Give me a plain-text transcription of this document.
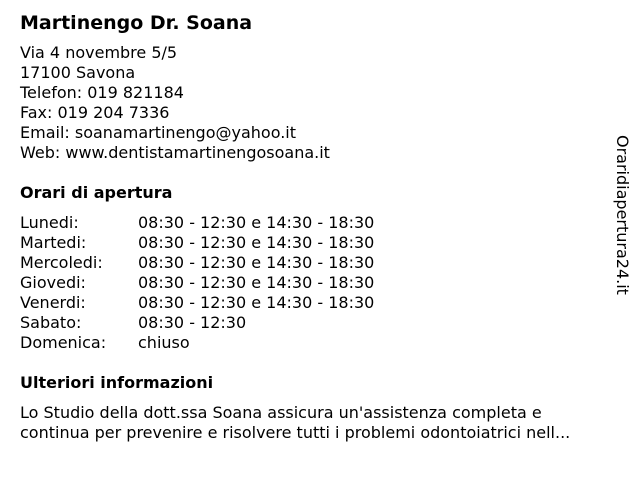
Martinengo Dr. Soana
Via 4 novembre 5/5
17100 Savona
Telefon: 019 821184
Fax: 019 204 7336
Email: soanamartinengo@yahoo.it
Web: www.dentistamartinengosoana.it
Orari di apertura
Lunedi:	08:30 - 12:30 e 14:30 - 18:30
Martedi:	08:30 - 12:30 e 14:30 - 18:30
Mercoledi: 08:30 - 12:30 e 14:30 - 18:30
Giovedi:	08:30 - 12:30 e 14:30 - 18:30
Venerdi:	08:30 - 12:30 e 14:30 - 18:30
Sabato:	08:30 - 12:30
Domenica: chiuso
Ulteriori informazioni
Lo Studio della dott.ssa Soana assicura un'assistenza completa e
continua per prevenire e risolvere tutti i problemi odontoiatrici nell...
Oraridiapertura24.it
